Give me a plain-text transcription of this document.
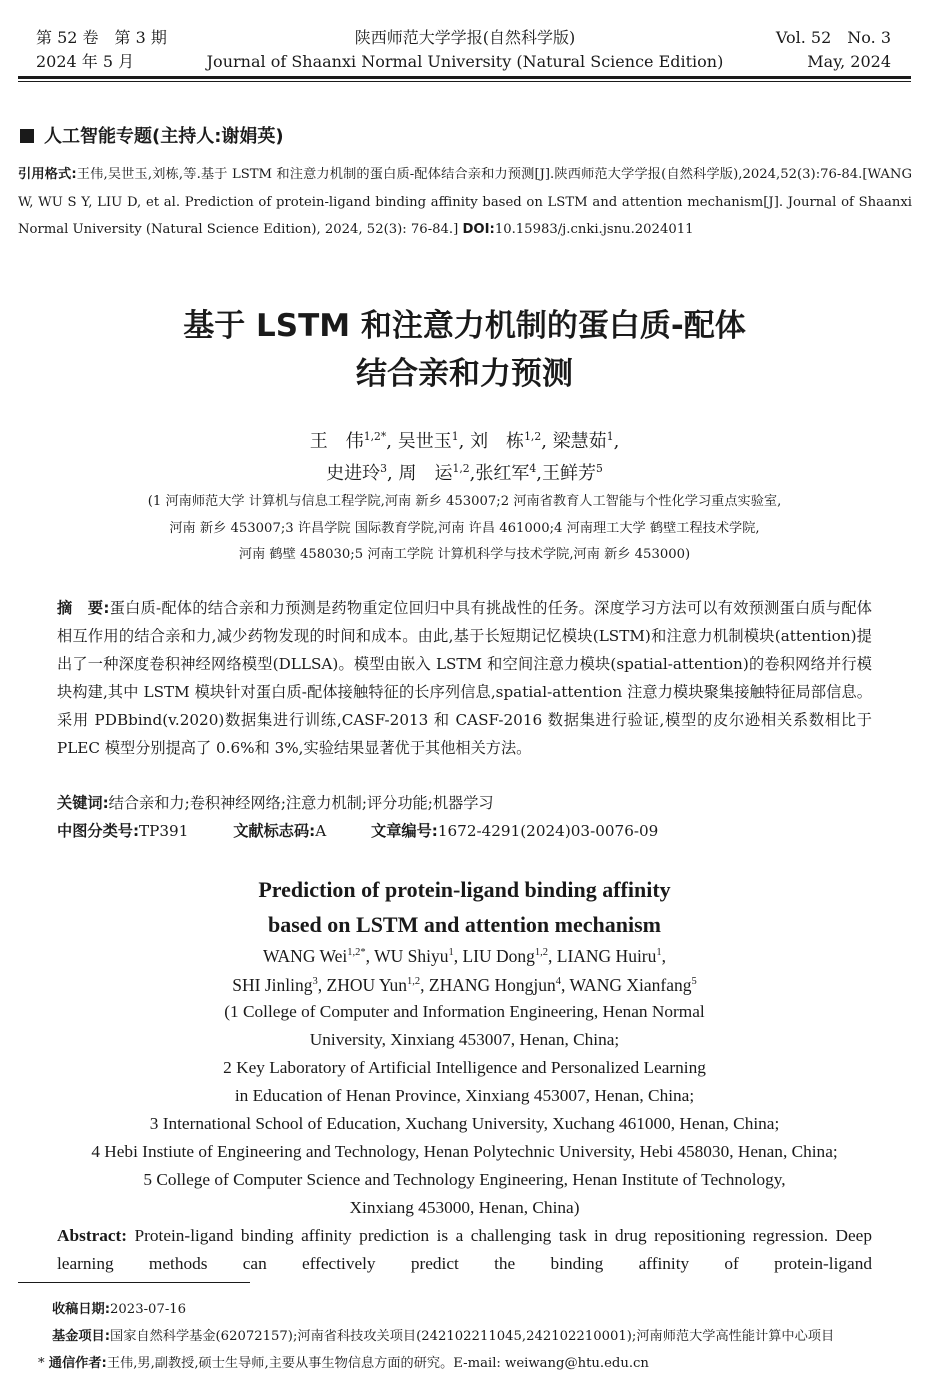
第 52 卷　第 3 期
2024 年 5 月
陕西师范大学学报(自然科学版)
Journal of Shaanxi Normal University (Natural Science Edition)
Vol. 52　No. 3
May, 2024
人工智能专题(主持人:谢娟英)
引用格式:王伟,吴世玉,刘栋,等.基于 LSTM 和注意力机制的蛋白质-配体结合亲和力预测[J].陕西师范大学学报(自然科学版),2024,52(3):76-84.[WANG W, WU S Y, LIU D, et al. Prediction of protein-ligand binding affinity based on LSTM and attention mechanism[J]. Journal of Shaanxi Normal University (Natural Science Edition), 2024, 52(3): 76-84.] DOI:10.15983/j.cnki.jsnu.2024011
基于 LSTM 和注意力机制的蛋白质-配体
结合亲和力预测
王　伟$^{1,2*}$, 吴世玉$^1$, 刘　栋$^{1,2}$, 梁慧茹$^1$,
史进玲$^3$, 周　运$^{1,2}$,张红军$^4$,王鲜芳$^5$
(1 河南师范大学 计算机与信息工程学院,河南 新乡 453007;2 河南省教育人工智能与个性化学习重点实验室,
河南 新乡 453007;3 许昌学院 国际教育学院,河南 许昌 461000;4 河南理工大学 鹤壁工程技术学院,
河南 鹤壁 458030;5 河南工学院 计算机科学与技术学院,河南 新乡 453000)
摘　要:蛋白质-配体的结合亲和力预测是药物重定位回归中具有挑战性的任务。深度学习方法可以有效预测蛋白质与配体相互作用的结合亲和力,减少药物发现的时间和成本。由此,基于长短期记忆模块(LSTM)和注意力机制模块(attention)提出了一种深度卷积神经网络模型(DLLSA)。模型由嵌入 LSTM 和空间注意力模块(spatial-attention)的卷积网络并行模块构建,其中 LSTM 模块针对蛋白质-配体接触特征的长序列信息,spatial-attention 注意力模块聚集接触特征局部信息。采用 PDBbind(v.2020)数据集进行训练,CASF-2013 和 CASF-2016 数据集进行验证,模型的皮尔逊相关系数相比于 PLEC 模型分别提高了 0.6%和 3%,实验结果显著优于其他相关方法。
关键词:结合亲和力;卷积神经网络;注意力机制;评分功能;机器学习
中图分类号:TP391	文献标志码:A	文章编号:1672-4291(2024)03-0076-09
Prediction of protein-ligand binding affinity
based on LSTM and attention mechanism
WANG Wei$^{1,2*}$, WU Shiyu$^1$, LIU Dong$^{1,2}$, LIANG Huiru$^1$,
SHI Jinling$^3$, ZHOU Yun$^{1,2}$, ZHANG Hongjun$^4$, WANG Xianfang$^5$
(1 College of Computer and Information Engineering, Henan Normal
University, Xinxiang 453007, Henan, China;
2 Key Laboratory of Artificial Intelligence and Personalized Learning
in Education of Henan Province, Xinxiang 453007, Henan, China;
3 International School of Education, Xuchang University, Xuchang 461000, Henan, China;
4 Hebi Instiute of Engineering and Technology, Henan Polytechnic University, Hebi 458030, Henan, China;
5 College of Computer Science and Technology Engineering, Henan Institute of Technology,
Xinxiang 453000, Henan, China)
Abstract: Protein-ligand binding affinity prediction is a challenging task in drug repositioning regression. Deep learning methods can effectively predict the binding affinity of protein-ligand
收稿日期:2023-07-16
基金项目:国家自然科学基金(62072157);河南省科技攻关项目(242102211045,242102210001);河南师范大学高性能计算中心项目
* 通信作者:王伟,男,副教授,硕士生导师,主要从事生物信息方面的研究。E-mail: weiwang@htu.edu.cn
